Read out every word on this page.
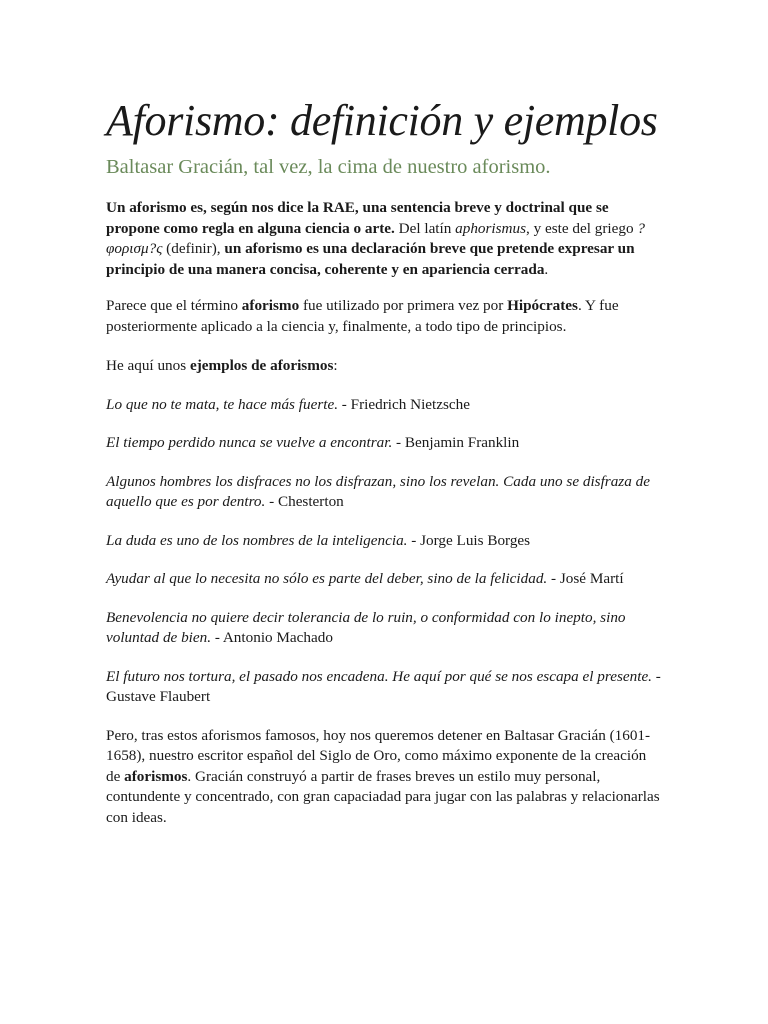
Aforismo: definición y ejemplos

Baltasar Gracián, tal vez, la cima de nuestro aforismo.

Un aforismo es, según nos dice la RAE, una sentencia breve y doctrinal que se propone como regla en alguna ciencia o arte. Del latín aphorismus, y este del griego ?φορισμ?ς (definir), un aforismo es una declaración breve que pretende expresar un principio de una manera concisa, coherente y en apariencia cerrada.

Parece que el término aforismo fue utilizado por primera vez por Hipócrates. Y fue posteriormente aplicado a la ciencia y, finalmente, a todo tipo de principios.

He aquí unos ejemplos de aforismos:

Lo que no te mata, te hace más fuerte. - Friedrich Nietzsche

El tiempo perdido nunca se vuelve a encontrar. - Benjamin Franklin

Algunos hombres los disfraces no los disfrazan, sino los revelan. Cada uno se disfraza de aquello que es por dentro. - Chesterton

La duda es uno de los nombres de la inteligencia. - Jorge Luis Borges

Ayudar al que lo necesita no sólo es parte del deber, sino de la felicidad. - José Martí

Benevolencia no quiere decir tolerancia de lo ruin, o conformidad con lo inepto, sino voluntad de bien. - Antonio Machado

El futuro nos tortura, el pasado nos encadena. He aquí por qué se nos escapa el presente. - Gustave Flaubert

Pero, tras estos aforismos famosos, hoy nos queremos detener en Baltasar Gracián (1601-1658), nuestro escritor español del Siglo de Oro, como máximo exponente de la creación de aforismos. Gracián construyó a partir de frases breves un estilo muy personal, contundente y concentrado, con gran capaciadad para jugar con las palabras y relacionarlas con ideas.
